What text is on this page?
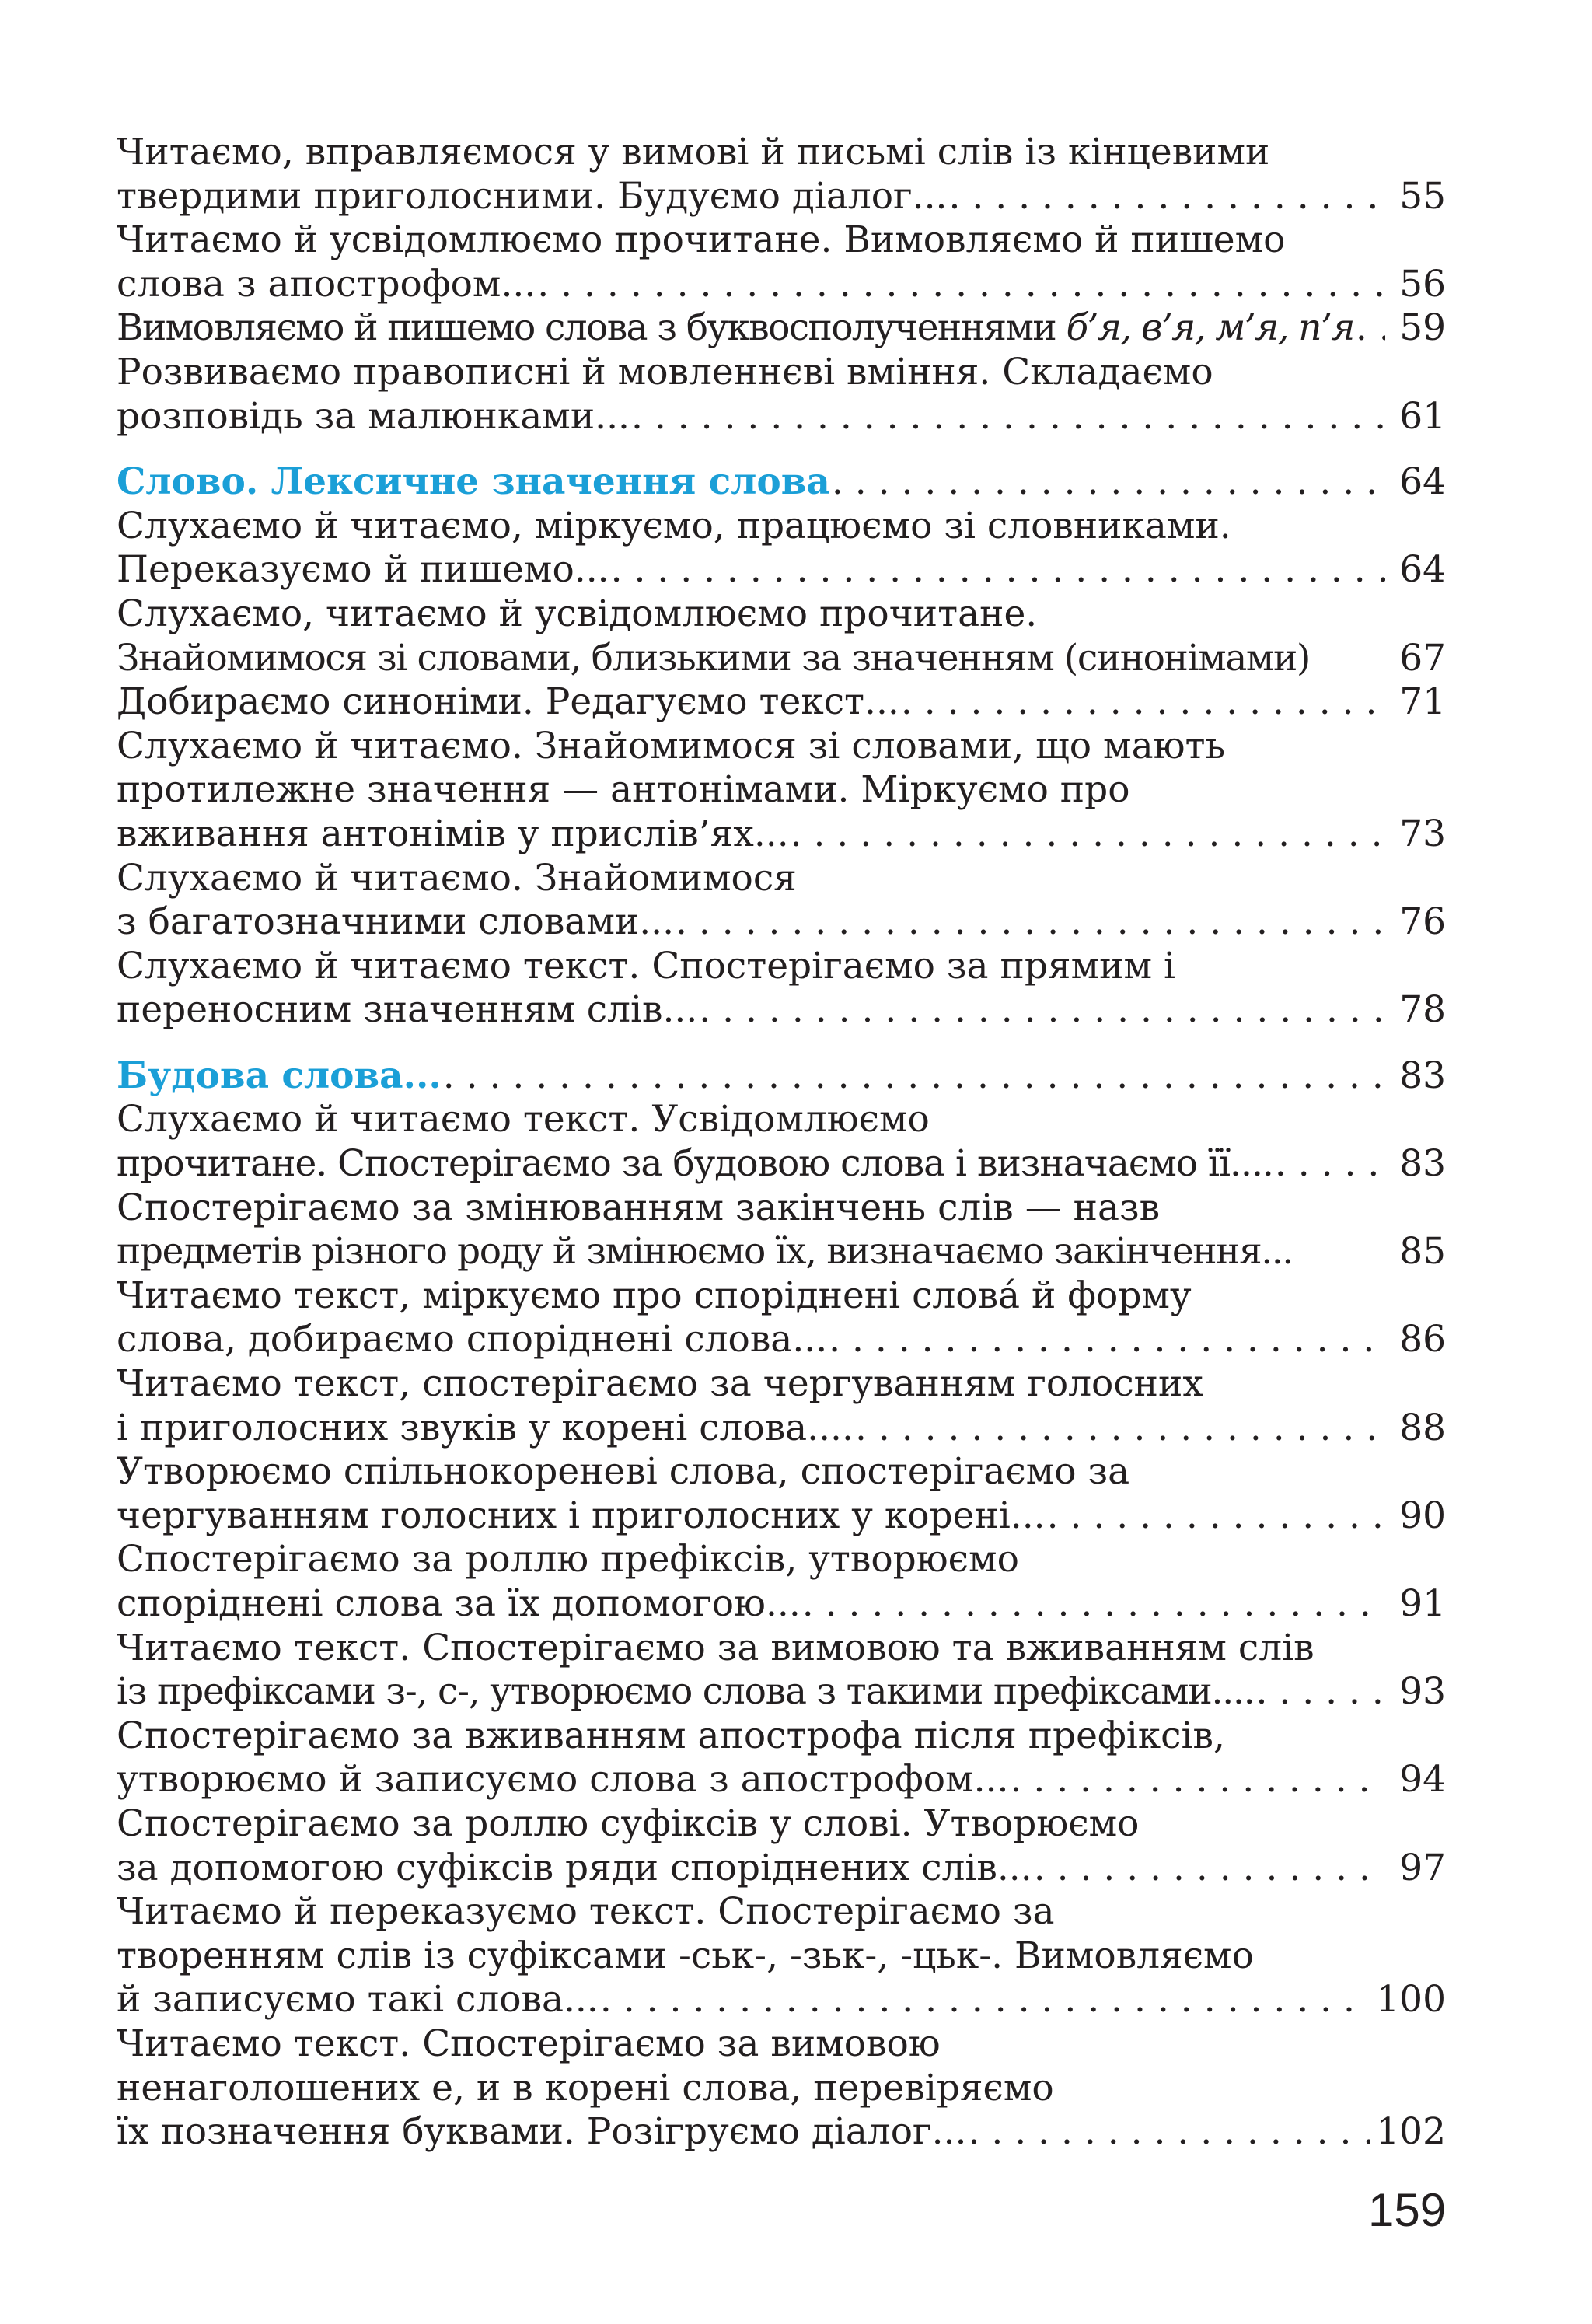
Читаємо, вправляємося у вимові й письмі слів із кінцевими
твердими приголосними. Будуємо діалог... . . .	55
Читаємо й усвідомлюємо прочитане. Вимовляємо й пишемо
слова з апострофом... . . .	56
Вимовляємо й пишемо слова з буквосполученнями б’я, в’я, м’я, п’я . . . 59
Розвиваємо правописні й мовленнєві вміння. Складаємо
розповідь за малюнками... . . .	61
Слово. Лексичне значення слова . . .	64
Слухаємо й читаємо, міркуємо, працюємо зі словниками.
Переказуємо й пишемо... . . .	64
Слухаємо, читаємо й усвідомлюємо прочитане.
Знайомимося зі словами, близькими за значенням (синонімами) 67
Добираємо синоніми. Редагуємо текст... . . .	71
Слухаємо й читаємо. Знайомимося зі словами, що мають
протилежне значення — антонімами. Міркуємо про
вживання антонімів у прислів’ях... . . .	73
Слухаємо й читаємо. Знайомимося
з багатозначними словами... . . .	76
Слухаємо й читаємо текст. Спостерігаємо за прямим і
переносним значенням слів... . . .	78
Будова слова... . . .	83
Слухаємо й читаємо текст. Усвідомлюємо
прочитане. Спостерігаємо за будовою слова і визначаємо її.... . . .	83
Спостерігаємо за змінюванням закінчень слів — назв
предметів різного роду й змінюємо їх, визначаємо закінчення...	85
Читаємо текст, міркуємо про споріднені слова́ й форму
слова, добираємо споріднені слова... . . .	86
Читаємо текст, спостерігаємо за чергуванням голосних
і приголосних звуків у корені слова.... . . .	88
Утворюємо спільнокореневі слова, спостерігаємо за
чергуванням голосних і приголосних у корені... . . .	90
Спостерігаємо за роллю префіксів, утворюємо
споріднені слова за їх допомогою... . . .	91
Читаємо текст. Спостерігаємо за вимовою та вживанням слів
із префіксами з-, с-, утворюємо слова з такими префіксами.... . . .	93
Спостерігаємо за вживанням апострофа після префіксів,
утворюємо й записуємо слова з апострофом... . . .	94
Спостерігаємо за роллю суфіксів у слові. Утворюємо
за допомогою суфіксів ряди споріднених слів... . . .	97
Читаємо й переказуємо текст. Спостерігаємо за
творенням слів із суфіксами -ськ-, -зьк-, -цьк-. Вимовляємо
й записуємо такі слова... . . .	100
Читаємо текст. Спостерігаємо за вимовою
ненаголошених е, и в корені слова, перевіряємо
їх позначення буквами. Розігруємо діалог... . . .	102
159
